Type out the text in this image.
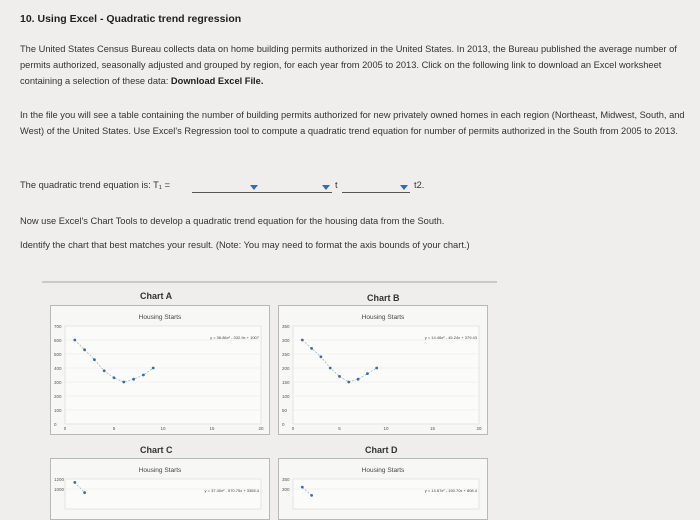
10. Using Excel - Quadratic trend regression
The United States Census Bureau collects data on home building permits authorized in the United States. In 2013, the Bureau published the average number of permits authorized, seasonally adjusted and grouped by region, for each year from 2005 to 2013. Click on the following link to download an Excel worksheet containing a selection of these data: Download Excel File.
In the file you will see a table containing the number of building permits authorized for new privately owned homes in each region (Northeast, Midwest, South, and West) of the United States. Use Excel's Regression tool to compute a quadratic trend equation for number of permits authorized in the South from 2005 to 2013.
The quadratic trend equation is: T₁ =	t	t2.
Now use Excel's Chart Tools to develop a quadratic trend equation for the housing data from the South.
Identify the chart that best matches your result. (Note: You may need to format the axis bounds of your chart.)
Chart A
Housing Starts
700
600
500
400
300
200
100
0
0	5	10	15	20
y = 36.86x² - 332.9x + 1007
Chart B
Housing Starts
350
300
250
200
150
100
50
0
0	5	10	15	20
y = 14.46x² - 45.24x + 379.43
Chart C
Housing Starts
1200
1000	y = 37.40x² - 570.75x + 3365.4
Chart D
Housing Starts
350
300	y = 14.67x² - 190.70x + 808.4
